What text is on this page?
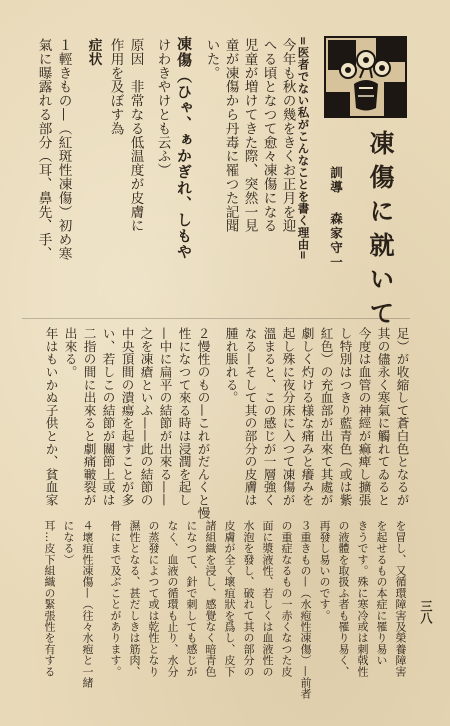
凍傷に就いて
訓導
森家守一
=医者でない私がこんなことを書く理由=
今年も秋の幾をきくお正月を迎
へる頃となつて愈々凍傷になる
児童が増けてきた際、突然一見
童が凍傷から丹毒に罹つた記聞
いた。
凍傷（ひゃ、ぁかぎれ、しもや
けわきやけとも云ふ）
原因　非常なる低温度が皮膚に
作用を及ぼす為
症状
１輕きもの—（紅斑性凍傷）初め寒
氣に曝露れる部分（耳、鼻先、手、
足）が收縮して蒼白色となるが
其の儘永く寒氣に觸れてゐると
今度は血管の神經が痲痺し擴張
し特別はつきり藍青色（或は紫
紅色）の充血部が出來て其處が
劇しく灼ける様な痛みと癢みを
起し殊に夜分床に入つて凍傷が
溫まると、この感じが一層強く
なる—そして其の部分の皮膚は
腫れ脹れる。
２慢性のもの—これがだんくと慢
性になつて來る時は浸潤を起し
—中に扁平の結節が出來る——
之を凍瘡といふ——此の結節の
中央頂間の潰瘍を起すことが多
い、若しこの結節が關節上或は
二指の間に出來ると劇痛皸裂が
出來る。
年はもいかぬ子供とか、貧血家
を冒し、又循環障害及榮養障害
を起せるもの本症に罹り易い
きうです。殊に寒冷或は刺戟性
の液體を取扱ふ者も罹り易く、
再發し易いのです。
３重きもの—（水疱性凍傷）—前者
の重症なるもの一赤くなつた皮
面に漿液性、若しくは血液性の
水泡を發し、破れて其の部分の
皮膚が全く壞疽狀を爲し、皮下
諸組織を浸し、感覺なく暗青色
になつて、針で刺しても感じが
なく、血液の循環も止り、水分
の蒸發によつて或は乾性となり
濕性となる、甚だしきは筋肉、
骨にまで及ぶことがあります。
４壞疽性凍傷—（往々水疱と一緒
になる）
耳…皮下組織の緊張性を有する	三八
